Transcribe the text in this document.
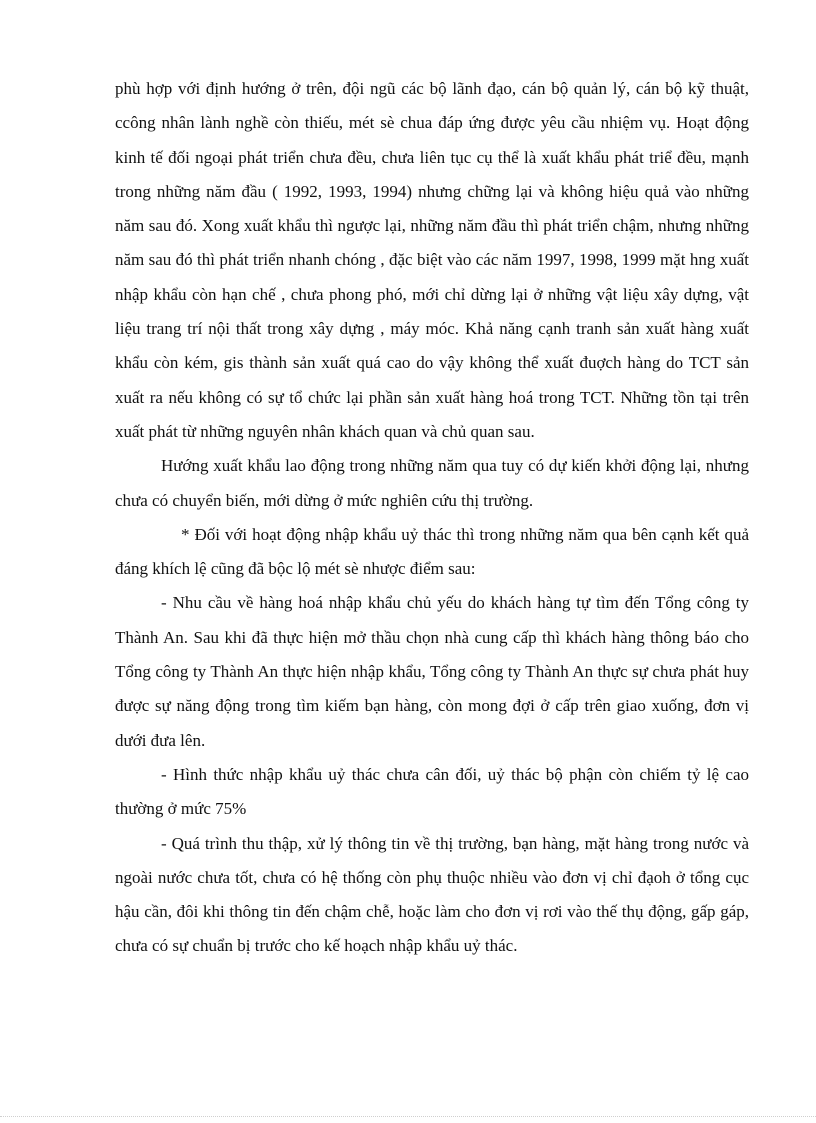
phù hợp với định hướng ở trên, đội ngũ các bộ lãnh đạo, cán bộ quản lý, cán bộ kỹ thuật, ccông nhân lành nghề còn thiếu, mét sè chua đáp ứng được yêu cầu nhiệm vụ. Hoạt động kinh tế đối ngoại phát triển chưa đều, chưa liên tục cụ thể là xuất khẩu phát triể đều, mạnh trong những năm đầu ( 1992, 1993, 1994) nhưng chững lại và không hiệu quả vào những năm sau đó. Xong xuất khẩu thì ngược lại, những năm đầu thì phát triển chậm, nhưng những năm sau đó thì phát triển nhanh chóng , đặc biệt vào các năm 1997, 1998, 1999 mặt hng xuất nhập khẩu còn hạn chế , chưa phong phó, mới chỉ dừng lại ở những vật liệu xây dựng, vật liệu trang trí nội thất trong xây dựng , máy móc. Khả năng cạnh tranh sản xuất hàng xuất khẩu còn kém, gis thành sản xuất quá cao do vậy không thể xuất đuợch hàng do TCT sản xuất ra nếu không có sự tổ chức lại phần sản xuất hàng hoá trong TCT. Những tồn tại trên xuất phát từ những nguyên nhân khách quan và chủ quan sau.

Hướng xuất khẩu lao động trong những năm qua tuy có dự kiến khởi động lại, nhưng chưa có chuyển biến, mới dừng ở mức nghiên cứu thị trường.

* Đối với hoạt động nhập khẩu uỷ thác thì trong những năm qua bên cạnh kết quả đáng khích lệ cũng đã bộc lộ mét sè nhược điểm sau:

- Nhu cầu về hàng hoá nhập khẩu chủ yếu do khách hàng tự tìm đến Tổng công ty Thành An. Sau khi đã thực hiện mở thầu chọn nhà cung cấp thì khách hàng thông báo cho Tổng công ty Thành An thực hiện nhập khẩu, Tổng công ty Thành An thực sự chưa phát huy được sự năng động trong tìm kiếm bạn hàng, còn mong đợi ở cấp trên giao xuống, đơn vị dưới đưa lên.

- Hình thức nhập khẩu uỷ thác chưa cân đối, uỷ thác bộ phận còn chiếm tỷ lệ cao thường ở mức 75%

- Quá trình thu thập, xử lý thông tin về thị trường, bạn hàng, mặt hàng trong nước và ngoài nước chưa tốt, chưa có hệ thống còn phụ thuộc nhiều vào đơn vị chỉ đạoh ở tổng cục hậu cần, đôi khi thông tin đến chậm chễ, hoặc làm cho đơn vị rơi vào thế thụ động, gấp gáp, chưa có sự chuẩn bị trước cho kế hoạch nhập khẩu uỷ thác.
